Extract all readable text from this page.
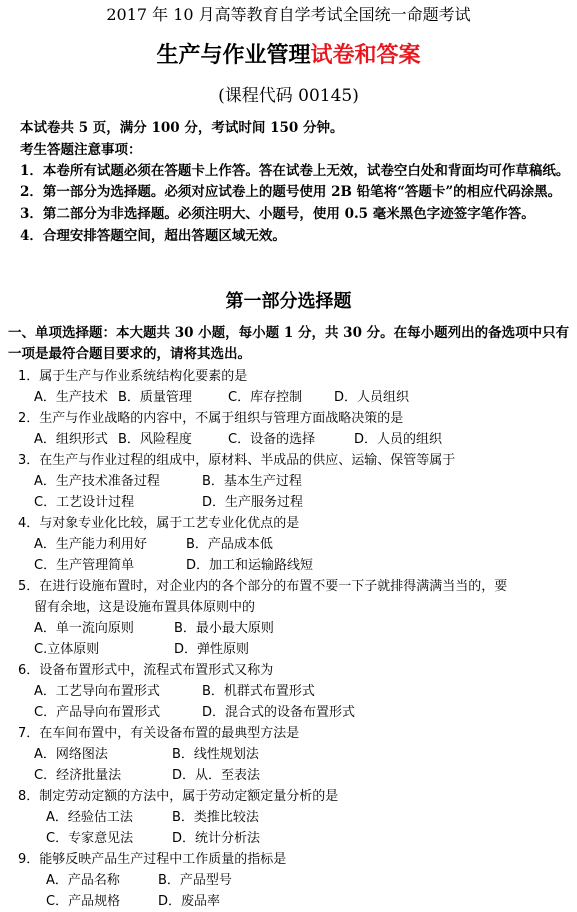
2017 年 10 月高等教育自学考试全国统一命题考试
生产与作业管理试卷和答案
(课程代码 00145)
本试卷共 5 页，满分 100 分，考试时间 150 分钟。
考生答题注意事项：
1．本卷所有试题必须在答题卡上作答。答在试卷上无效，试卷空白处和背面均可作草稿纸。
2．第一部分为选择题。必须对应试卷上的题号使用 2B 铅笔将“答题卡”的相应代码涂黑。
3．第二部分为非选择题。必须注明大、小题号，使用 0.5 毫米黑色字迹签字笔作答。
4．合理安排答题空间，超出答题区域无效。
第一部分选择题
一、单项选择题：本大题共 30 小题，每小题 1 分，共 30 分。在每小题列出的备选项中只有一项是最符合题目要求的，请将其选出。
1．属于生产与作业系统结构化要素的是
A．生产技术 B．质量管理	C．库存控制 D．人员组织
2．生产与作业战略的内容中，不属于组织与管理方面战略决策的是
A．组织形式 B．风险程度	C．设备的选择	D．人员的组织
3．在生产与作业过程的组成中，原材料、半成品的供应、运输、保管等属于
A．生产技术准备过程	B．基本生产过程
C．工艺设计过程	D．生产服务过程
4．与对象专业化比较，属于工艺专业化优点的是
A．生产能力利用好	B．产品成本低
C．生产管理简单	D．加工和运输路线短
5．在进行设施布置时，对企业内的各个部分的布置不要一下子就排得满满当当的，要
留有余地，这是设施布置具体原则中的
A．单一流向原则	B．最小最大原则
C.立体原则	D．弹性原则
6．设备布置形式中，流程式布置形式又称为
A．工艺导向布置形式	B．机群式布置形式
C．产品导向布置形式	D．混合式的设备布置形式
7．在车间布置中，有关设备布置的最典型方法是
A．网络图法	B．线性规划法
C．经济批量法	D．从．至表法
8．制定劳动定额的方法中，属于劳动定额定量分析的是
A．经验估工法	B．类推比较法
C．专家意见法	D．统计分析法
9．能够反映产品生产过程中工作质量的指标是
A．产品名称	B．产品型号
C．产品规格	D．废品率
